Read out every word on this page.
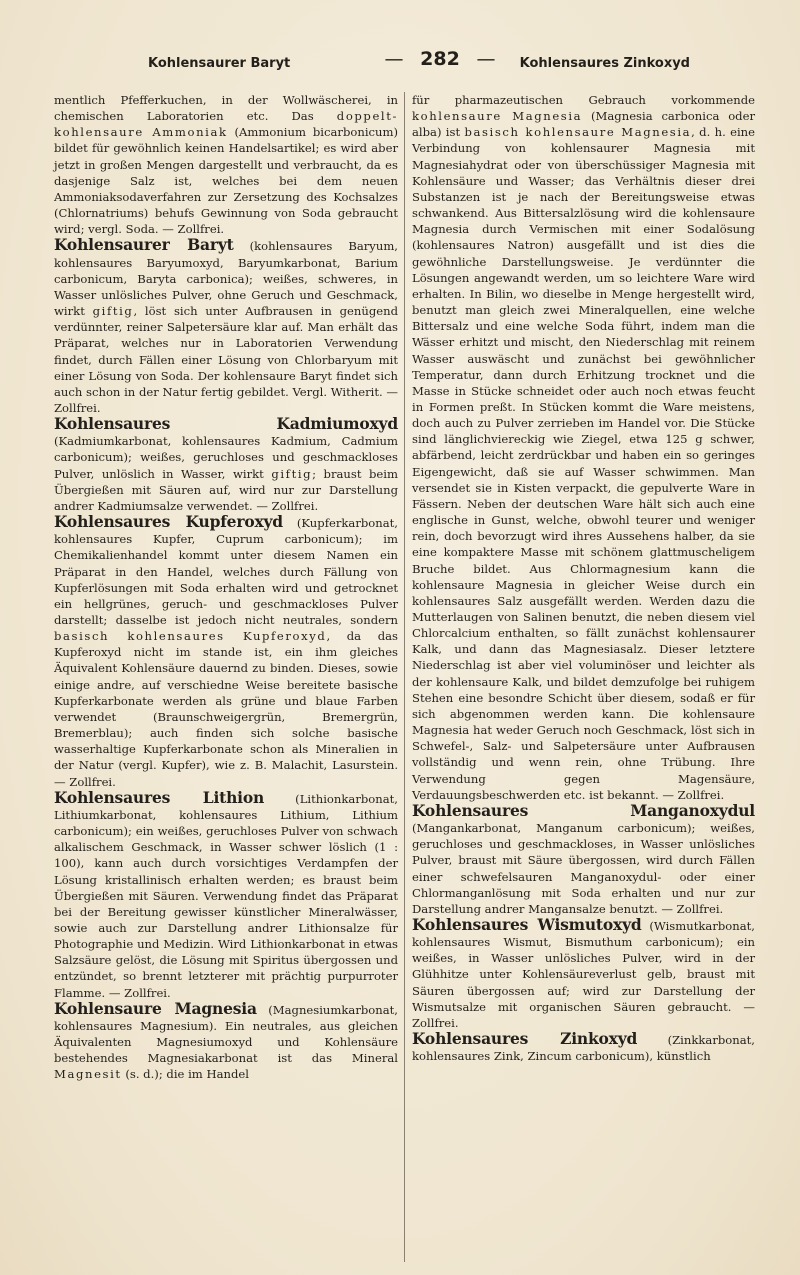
Kohlensaurer Baryt	— 282 —	Kohlensaures Zinkoxyd

mentlich Pfefferkuchen, in der Wollwäscherei, in chemischen Laboratorien etc. Das doppelt-kohlensaure Ammoniak (Ammonium bicarbonicum) bildet für gewöhnlich keinen Handelsartikel; es wird aber jetzt in großen Mengen dargestellt und verbraucht, da es dasjenige Salz ist, welches bei dem neuen Ammoniaksodaverfahren zur Zersetzung des Kochsalzes (Chlornatriums) behufs Gewinnung von Soda gebraucht wird; vergl. Soda. — Zollfrei.

Kohlensaurer Baryt (kohlensaures Baryum, kohlensaures Baryumoxyd, Baryumkarbonat, Barium carbonicum, Baryta carbonica); weißes, schweres, in Wasser unlösliches Pulver, ohne Geruch und Geschmack, wirkt giftig, löst sich unter Aufbrausen in genügend verdünnter, reiner Salpetersäure klar auf. Man erhält das Präparat, welches nur in Laboratorien Verwendung findet, durch Fällen einer Lösung von Chlorbaryum mit einer Lösung von Soda. Der kohlensaure Baryt findet sich auch schon in der Natur fertig gebildet. Vergl. Witherit. — Zollfrei.

Kohlensaures Kadmiumoxyd (Kadmiumkarbonat, kohlensaures Kadmium, Cadmium carbonicum); weißes, geruchloses und geschmackloses Pulver, unlöslich in Wasser, wirkt giftig; braust beim Übergießen mit Säuren auf, wird nur zur Darstellung andrer Kadmiumsalze verwendet. — Zollfrei.

Kohlensaures Kupferoxyd (Kupferkarbonat, kohlensaures Kupfer, Cuprum carbonicum); im Chemikalienhandel kommt unter diesem Namen ein Präparat in den Handel, welches durch Fällung von Kupferlösungen mit Soda erhalten wird und getrocknet ein hellgrünes, geruch- und geschmackloses Pulver darstellt; dasselbe ist jedoch nicht neutrales, sondern basisch kohlensaures Kupferoxyd, da das Kupferoxyd nicht im stande ist, ein ihm gleiches Äquivalent Kohlensäure dauernd zu binden. Dieses, sowie einige andre, auf verschiedne Weise bereitete basische Kupferkarbonate werden als grüne und blaue Farben verwendet (Braunschweigergrün, Bremergrün, Bremerblau); auch finden sich solche basische wasserhaltige Kupferkarbonate schon als Mineralien in der Natur (vergl. Kupfer), wie z. B. Malachit, Lasurstein. — Zollfrei.

Kohlensaures Lithion (Lithionkarbonat, Lithiumkarbonat, kohlensaures Lithium, Lithium carbonicum); ein weißes, geruchloses Pulver von schwach alkalischem Geschmack, in Wasser schwer löslich (1 : 100), kann auch durch vorsichtiges Verdampfen der Lösung kristallinisch erhalten werden; es braust beim Übergießen mit Säuren. Verwendung findet das Präparat bei der Bereitung gewisser künstlicher Mineralwässer, sowie auch zur Darstellung andrer Lithionsalze für Photographie und Medizin. Wird Lithionkarbonat in etwas Salzsäure gelöst, die Lösung mit Spiritus übergossen und entzündet, so brennt letzterer mit prächtig purpurroter Flamme. — Zollfrei.

Kohlensaure Magnesia (Magnesiumkarbonat, kohlensaures Magnesium). Ein neutrales, aus gleichen Äquivalenten Magnesiumoxyd und Kohlensäure bestehendes Magnesiakarbonat ist das Mineral Magnesit (s. d.); die im Handel

für pharmazeutischen Gebrauch vorkommende kohlensaure Magnesia (Magnesia carbonica oder alba) ist basisch kohlensaure Magnesia, d. h. eine Verbindung von kohlensaurer Magnesia mit Magnesiahydrat oder von überschüssiger Magnesia mit Kohlensäure und Wasser; das Verhältnis dieser drei Substanzen ist je nach der Bereitungsweise etwas schwankend. Aus Bittersalzlösung wird die kohlensaure Magnesia durch Vermischen mit einer Sodalösung (kohlensaures Natron) ausgefällt und ist dies die gewöhnliche Darstellungsweise. Je verdünnter die Lösungen angewandt werden, um so leichtere Ware wird erhalten. In Bilin, wo dieselbe in Menge hergestellt wird, benutzt man gleich zwei Mineralquellen, eine welche Bittersalz und eine welche Soda führt, indem man die Wässer erhitzt und mischt, den Niederschlag mit reinem Wasser auswäscht und zunächst bei gewöhnlicher Temperatur, dann durch Erhitzung trocknet und die Masse in Stücke schneidet oder auch noch etwas feucht in Formen preßt. In Stücken kommt die Ware meistens, doch auch zu Pulver zerrieben im Handel vor. Die Stücke sind länglichviereckig wie Ziegel, etwa 125 g schwer, abfärbend, leicht zerdrückbar und haben ein so geringes Eigengewicht, daß sie auf Wasser schwimmen. Man versendet sie in Kisten verpackt, die gepulverte Ware in Fässern. Neben der deutschen Ware hält sich auch eine englische in Gunst, welche, obwohl teurer und weniger rein, doch bevorzugt wird ihres Aussehens halber, da sie eine kompaktere Masse mit schönem glattmuscheligem Bruche bildet. Aus Chlormagnesium kann die kohlensaure Magnesia in gleicher Weise durch ein kohlensaures Salz ausgefällt werden. Werden dazu die Mutterlaugen von Salinen benutzt, die neben diesem viel Chlorcalcium enthalten, so fällt zunächst kohlensaurer Kalk, und dann das Magnesiasalz. Dieser letztere Niederschlag ist aber viel voluminöser und leichter als der kohlensaure Kalk, und bildet demzufolge bei ruhigem Stehen eine besondre Schicht über diesem, sodaß er für sich abgenommen werden kann. Die kohlensaure Magnesia hat weder Geruch noch Geschmack, löst sich in Schwefel-, Salz- und Salpetersäure unter Aufbrausen vollständig und wenn rein, ohne Trübung. Ihre Verwendung gegen Magensäure, Verdauungsbeschwerden etc. ist bekannt. — Zollfrei.

Kohlensaures Manganoxydul (Mangankarbonat, Manganum carbonicum); weißes, geruchloses und geschmackloses, in Wasser unlösliches Pulver, braust mit Säure übergossen, wird durch Fällen einer schwefelsauren Manganoxydul- oder einer Chlormanganlösung mit Soda erhalten und nur zur Darstellung andrer Mangansalze benutzt. — Zollfrei.

Kohlensaures Wismutoxyd (Wismutkarbonat, kohlensaures Wismut, Bismuthum carbonicum); ein weißes, in Wasser unlösliches Pulver, wird in der Glühhitze unter Kohlensäureverlust gelb, braust mit Säuren übergossen auf; wird zur Darstellung der Wismutsalze mit organischen Säuren gebraucht. — Zollfrei.

Kohlensaures Zinkoxyd (Zinkkarbonat, kohlensaures Zink, Zincum carbonicum), künstlich
